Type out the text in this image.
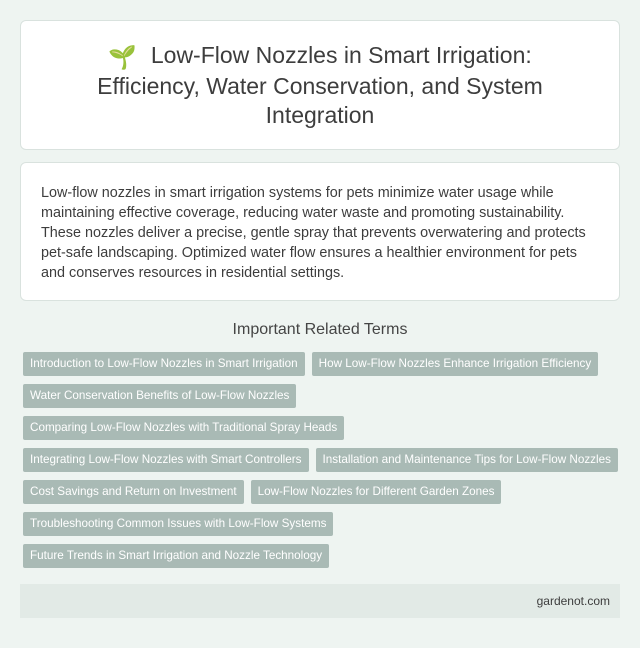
🌱 Low-Flow Nozzles in Smart Irrigation: Efficiency, Water Conservation, and System Integration

Low-flow nozzles in smart irrigation systems for pets minimize water usage while maintaining effective coverage, reducing water waste and promoting sustainability. These nozzles deliver a precise, gentle spray that prevents overwatering and protects pet-safe landscaping. Optimized water flow ensures a healthier environment for pets and conserves resources in residential settings.

Important Related Terms
Introduction to Low-Flow Nozzles in Smart Irrigation	How Low-Flow Nozzles Enhance Irrigation Efficiency
Water Conservation Benefits of Low-Flow Nozzles
Comparing Low-Flow Nozzles with Traditional Spray Heads
Integrating Low-Flow Nozzles with Smart Controllers	Installation and Maintenance Tips for Low-Flow Nozzles
Cost Savings and Return on Investment	Low-Flow Nozzles for Different Garden Zones
Troubleshooting Common Issues with Low-Flow Systems
Future Trends in Smart Irrigation and Nozzle Technology
gardenot.com
